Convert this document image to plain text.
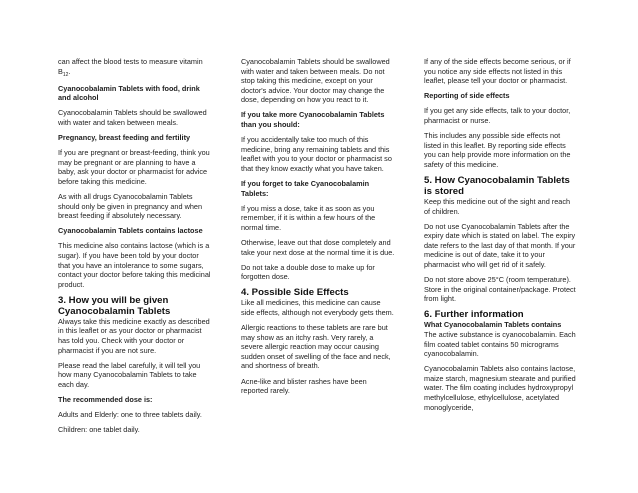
can affect the blood tests to measure vitamin $B_{12}$.

Cyanocobalamin Tablets with food, drink and alcohol

Cyanocobalamin Tablets should be swallowed with water and taken between meals.

Pregnancy, breast feeding and fertility

If you are pregnant or breast-feeding, think you may be pregnant or are planning to have a baby, ask your doctor or pharmacist for advice before taking this medicine.

As with all drugs Cyanocobalamin Tablets should only be given in pregnancy and when breast feeding if absolutely necessary.

Cyanocobalamin Tablets contains lactose

This medicine also contains lactose (which is a sugar). If you have been told by your doctor that you have an intolerance to some sugars, contact your doctor before taking this medicinal product.

3. How you will be given Cyanocobalamin Tablets

Always take this medicine exactly as described in this leaflet or as your doctor or pharmacist has told you. Check with your doctor or pharmacist if you are not sure.

Please read the label carefully, it will tell you how many Cyanocobalamin Tablets to take each day.

The recommended dose is:

Adults and Elderly: one to three tablets daily.

Children: one tablet daily.

Cyanocobalamin Tablets should be swallowed with water and taken between meals. Do not stop taking this medicine, except on your doctor's advice. Your doctor may change the dose, depending on how you react to it.

If you take more Cyanocobalamin Tablets than you should:

If you accidentally take too much of this medicine, bring any remaining tablets and this leaflet with you to your doctor or pharmacist so that they know exactly what you have taken.

If you forget to take Cyanocobalamin Tablets:

If you miss a dose, take it as soon as you remember, if it is within a few hours of the normal time.

Otherwise, leave out that dose completely and take your next dose at the normal time it is due.

Do not take a double dose to make up for forgotten dose.

4. Possible Side Effects

Like all medicines, this medicine can cause side effects, although not everybody gets them.

Allergic reactions to these tablets are rare but may show as an itchy rash. Very rarely, a severe allergic reaction may occur causing sudden onset of swelling of the face and neck, and shortness of breath.

Acne-like and blister rashes have been reported rarely.

If any of the side effects become serious, or if you notice any side effects not listed in this leaflet, please tell your doctor or pharmacist.

Reporting of side effects

If you get any side effects, talk to your doctor, pharmacist or nurse.

This includes any possible side effects not listed in this leaflet. By reporting side effects you can help provide more information on the safety of this medicine.

5. How Cyanocobalamin Tablets is stored

Keep this medicine out of the sight and reach of children.

Do not use Cyanocobalamin Tablets after the expiry date which is stated on label. The expiry date refers to the last day of that month. If your medicine is out of date, take it to your pharmacist who will get rid of it safely.

Do not store above 25°C (room temperature). Store in the original container/package. Protect from light.

6. Further information

What Cyanocobalamin Tablets contains

The active substance is cyanocobalamin. Each film coated tablet contains 50 micrograms cyanocobalamin.

Cyanocobalamin Tablets also contains lactose, maize starch, magnesium stearate and purified water. The film coating includes hydroxypropyl methylcellulose, ethylcellulose, acetylated monoglyceride,
